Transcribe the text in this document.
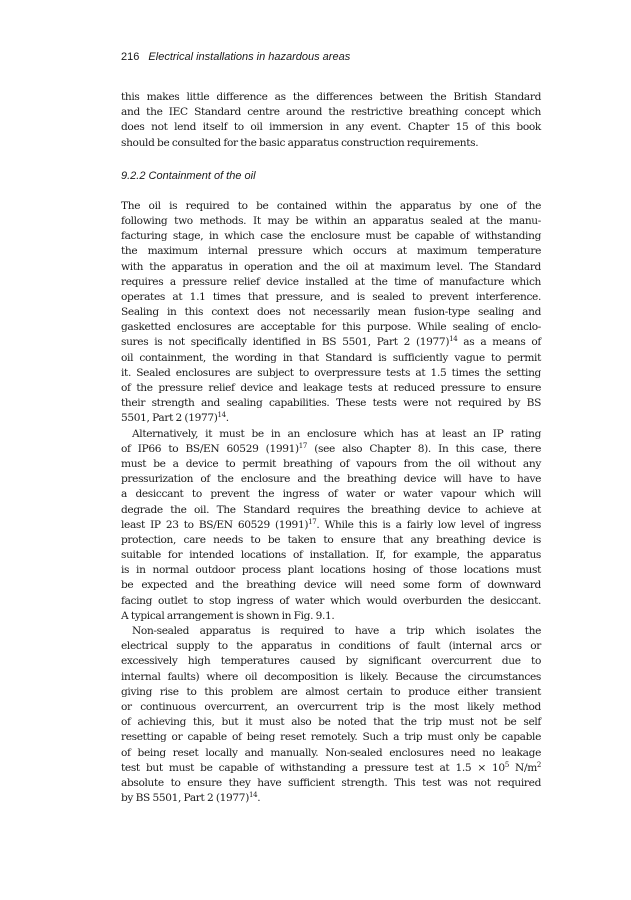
216 Electrical installations in hazardous areas
this makes little difference as the differences between the British Standard
and the IEC Standard centre around the restrictive breathing concept which
does not lend itself to oil immersion in any event. Chapter 15 of this book
should be consulted for the basic apparatus construction requirements.
9.2.2 Containment of the oil
The oil is required to be contained within the apparatus by one of the
following two methods. It may be within an apparatus sealed at the manu-
facturing stage, in which case the enclosure must be capable of withstanding
the maximum internal pressure which occurs at maximum temperature
with the apparatus in operation and the oil at maximum level. The Standard
requires a pressure relief device installed at the time of manufacture which
operates at 1.1 times that pressure, and is sealed to prevent interference.
Sealing in this context does not necessarily mean fusion-type sealing and
gasketted enclosures are acceptable for this purpose. While sealing of enclo-
sures is not specifically identified in BS 5501, Part 2 $(1977)^{14}$ as a means of
oil containment, the wording in that Standard is sufficiently vague to permit
it. Sealed enclosures are subject to overpressure tests at 1.5 times the setting
of the pressure relief device and leakage tests at reduced pressure to ensure
their strength and sealing capabilities. These tests were not required by BS
5501, Part 2 $(1977)^{14}$.
Alternatively, it must be in an enclosure which has at least an IP rating
of IP66 to BS/EN 60529 $(1991)^{17}$ (see also Chapter 8). In this case, there
must be a device to permit breathing of vapours from the oil without any
pressurization of the enclosure and the breathing device will have to have
a desiccant to prevent the ingress of water or water vapour which will
degrade the oil. The Standard requires the breathing device to achieve at
least IP 23 to BS/EN 60529 $(1991)^{17}$. While this is a fairly low level of ingress
protection, care needs to be taken to ensure that any breathing device is
suitable for intended locations of installation. If, for example, the apparatus
is in normal outdoor process plant locations hosing of those locations must
be expected and the breathing device will need some form of downward
facing outlet to stop ingress of water which would overburden the desiccant.
A typical arrangement is shown in Fig. 9.1.
Non-sealed apparatus is required to have a trip which isolates the
electrical supply to the apparatus in conditions of fault (internal arcs or
excessively high temperatures caused by significant overcurrent due to
internal faults) where oil decomposition is likely. Because the circumstances
giving rise to this problem are almost certain to produce either transient
or continuous overcurrent, an overcurrent trip is the most likely method
of achieving this, but it must also be noted that the trip must not be self
resetting or capable of being reset remotely. Such a trip must only be capable
of being reset locally and manually. Non-sealed enclosures need no leakage
test but must be capable of withstanding a pressure test at $1.5 \times 10^5$ $N/m^2$
absolute to ensure they have sufficient strength. This test was not required
by BS 5501, Part 2 $(1977)^{14}$.
